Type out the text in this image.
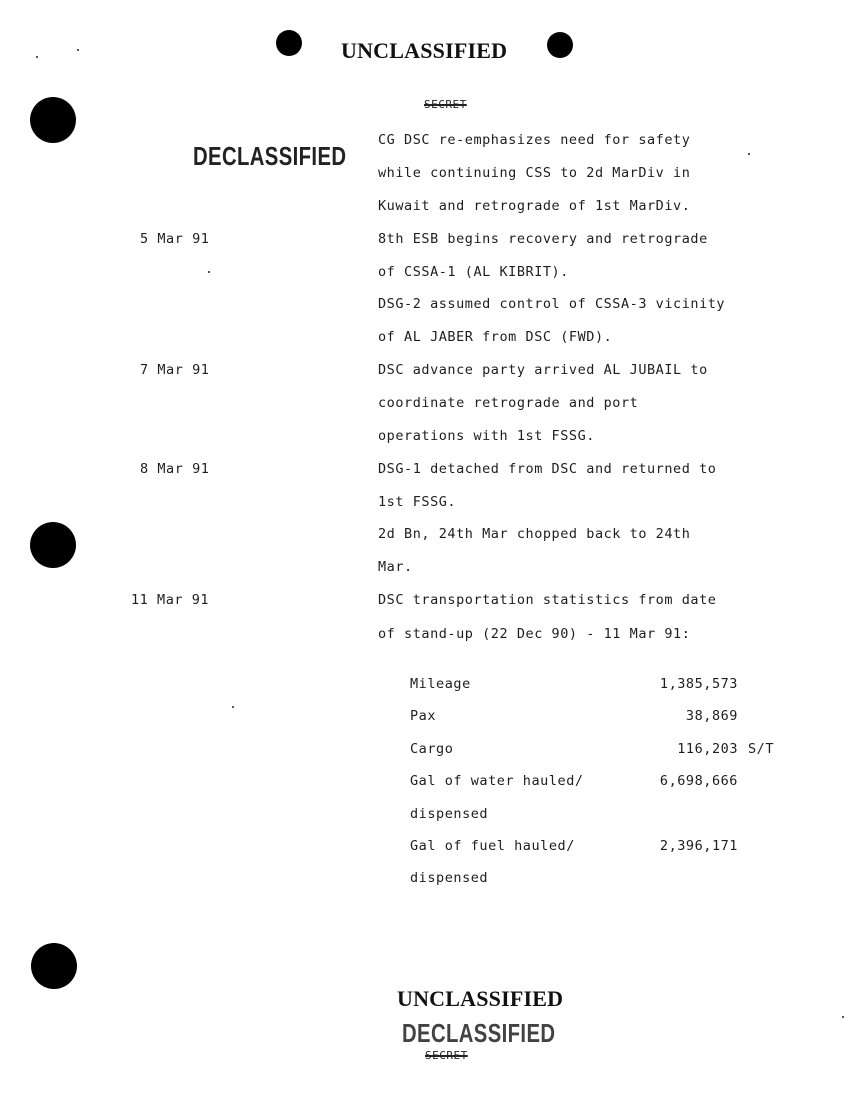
UNCLASSIFIED
SECRET
DECLASSIFIED
CG DSC re-emphasizes need for safety
while continuing CSS to 2d MarDiv in
Kuwait and retrograde of 1st MarDiv.
5 Mar 91	8th ESB begins recovery and retrograde
of CSSA-1 (AL KIBRIT).
DSG-2 assumed control of CSSA-3 vicinity
of AL JABER from DSC (FWD).
7 Mar 91	DSC advance party arrived AL JUBAIL to
coordinate retrograde and port
operations with 1st FSSG.
8 Mar 91	DSG-1 detached from DSC and returned to
1st FSSG.
2d Bn, 24th Mar chopped back to 24th
Mar.
11 Mar 91	DSC transportation statistics from date
of stand-up (22 Dec 90) - 11 Mar 91:
Mileage	1,385,573
Pax	38,869
Cargo	116,203 S/T
Gal of water hauled/	6,698,666
dispensed
Gal of fuel hauled/	2,396,171
dispensed
UNCLASSIFIED
DECLASSIFIED
SECRET
